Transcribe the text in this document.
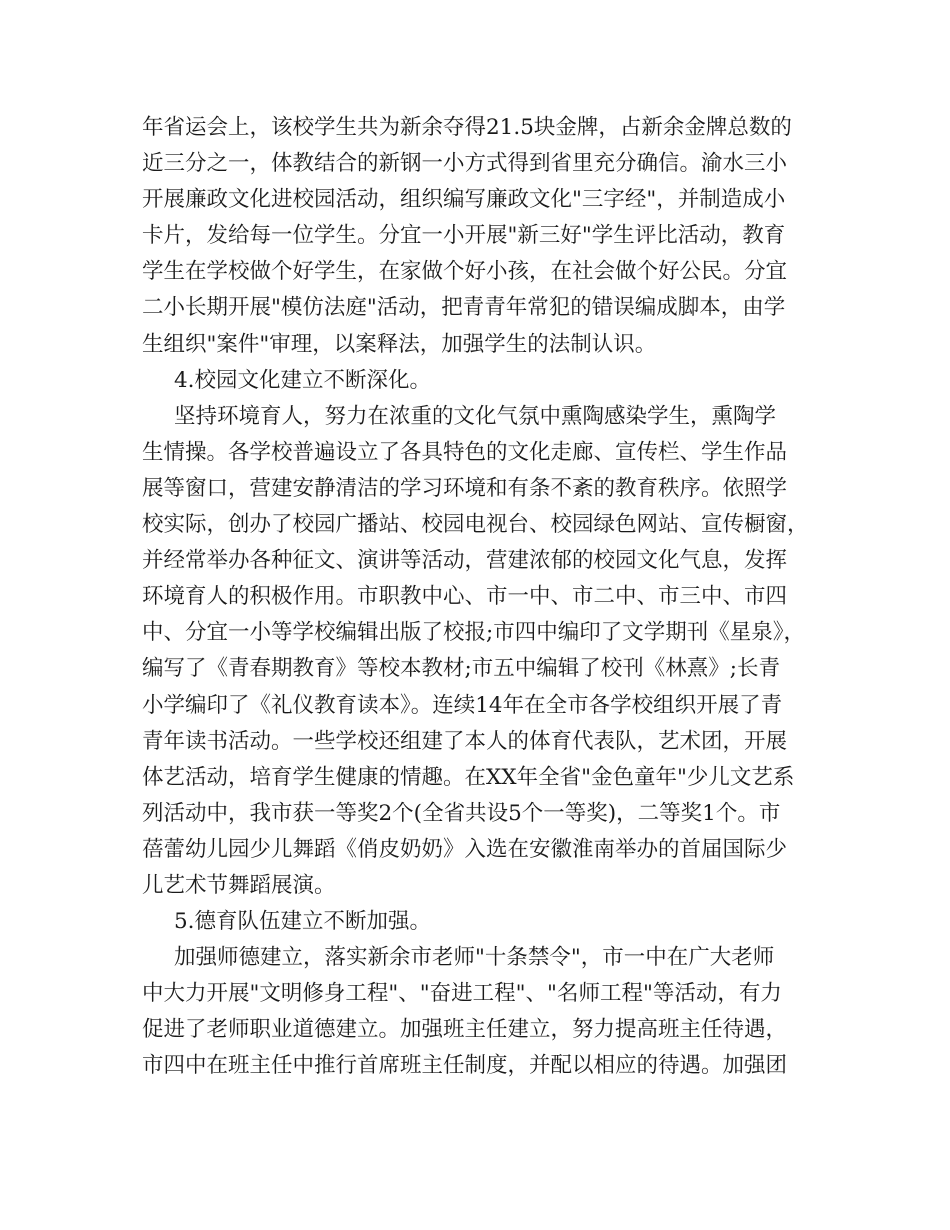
年省运会上，该校学生共为新余夺得21.5块金牌，占新余金牌总数的
近三分之一，体教结合的新钢一小方式得到省里充分确信。渝水三小
开展廉政文化进校园活动，组织编写廉政文化"三字经"，并制造成小
卡片，发给每一位学生。分宜一小开展"新三好"学生评比活动，教育
学生在学校做个好学生，在家做个好小孩，在社会做个好公民。分宜
二小长期开展"模仿法庭"活动，把青青年常犯的错误编成脚本，由学
生组织"案件"审理，以案释法，加强学生的法制认识。
4.校园文化建立不断深化。
坚持环境育人，努力在浓重的文化气氛中熏陶感染学生，熏陶学
生情操。各学校普遍设立了各具特色的文化走廊、宣传栏、学生作品
展等窗口，营建安静清洁的学习环境和有条不紊的教育秩序。依照学
校实际，创办了校园广播站、校园电视台、校园绿色网站、宣传橱窗，
并经常举办各种征文、演讲等活动，营建浓郁的校园文化气息，发挥
环境育人的积极作用。市职教中心、市一中、市二中、市三中、市四
中、分宜一小等学校编辑出版了校报;市四中编印了文学期刊《星泉》，
编写了《青春期教育》等校本教材;市五中编辑了校刊《林熹》;长青
小学编印了《礼仪教育读本》。连续14年在全市各学校组织开展了青
青年读书活动。一些学校还组建了本人的体育代表队，艺术团，开展
体艺活动，培育学生健康的情趣。在XX年全省"金色童年"少儿文艺系
列活动中，我市获一等奖2个(全省共设5个一等奖)，二等奖1个。市
蓓蕾幼儿园少儿舞蹈《俏皮奶奶》入选在安徽淮南举办的首届国际少
儿艺术节舞蹈展演。
5.德育队伍建立不断加强。
加强师德建立，落实新余市老师"十条禁令"，市一中在广大老师
中大力开展"文明修身工程"、"奋进工程"、"名师工程"等活动，有力
促进了老师职业道德建立。加强班主任建立，努力提高班主任待遇，
市四中在班主任中推行首席班主任制度，并配以相应的待遇。加强团
